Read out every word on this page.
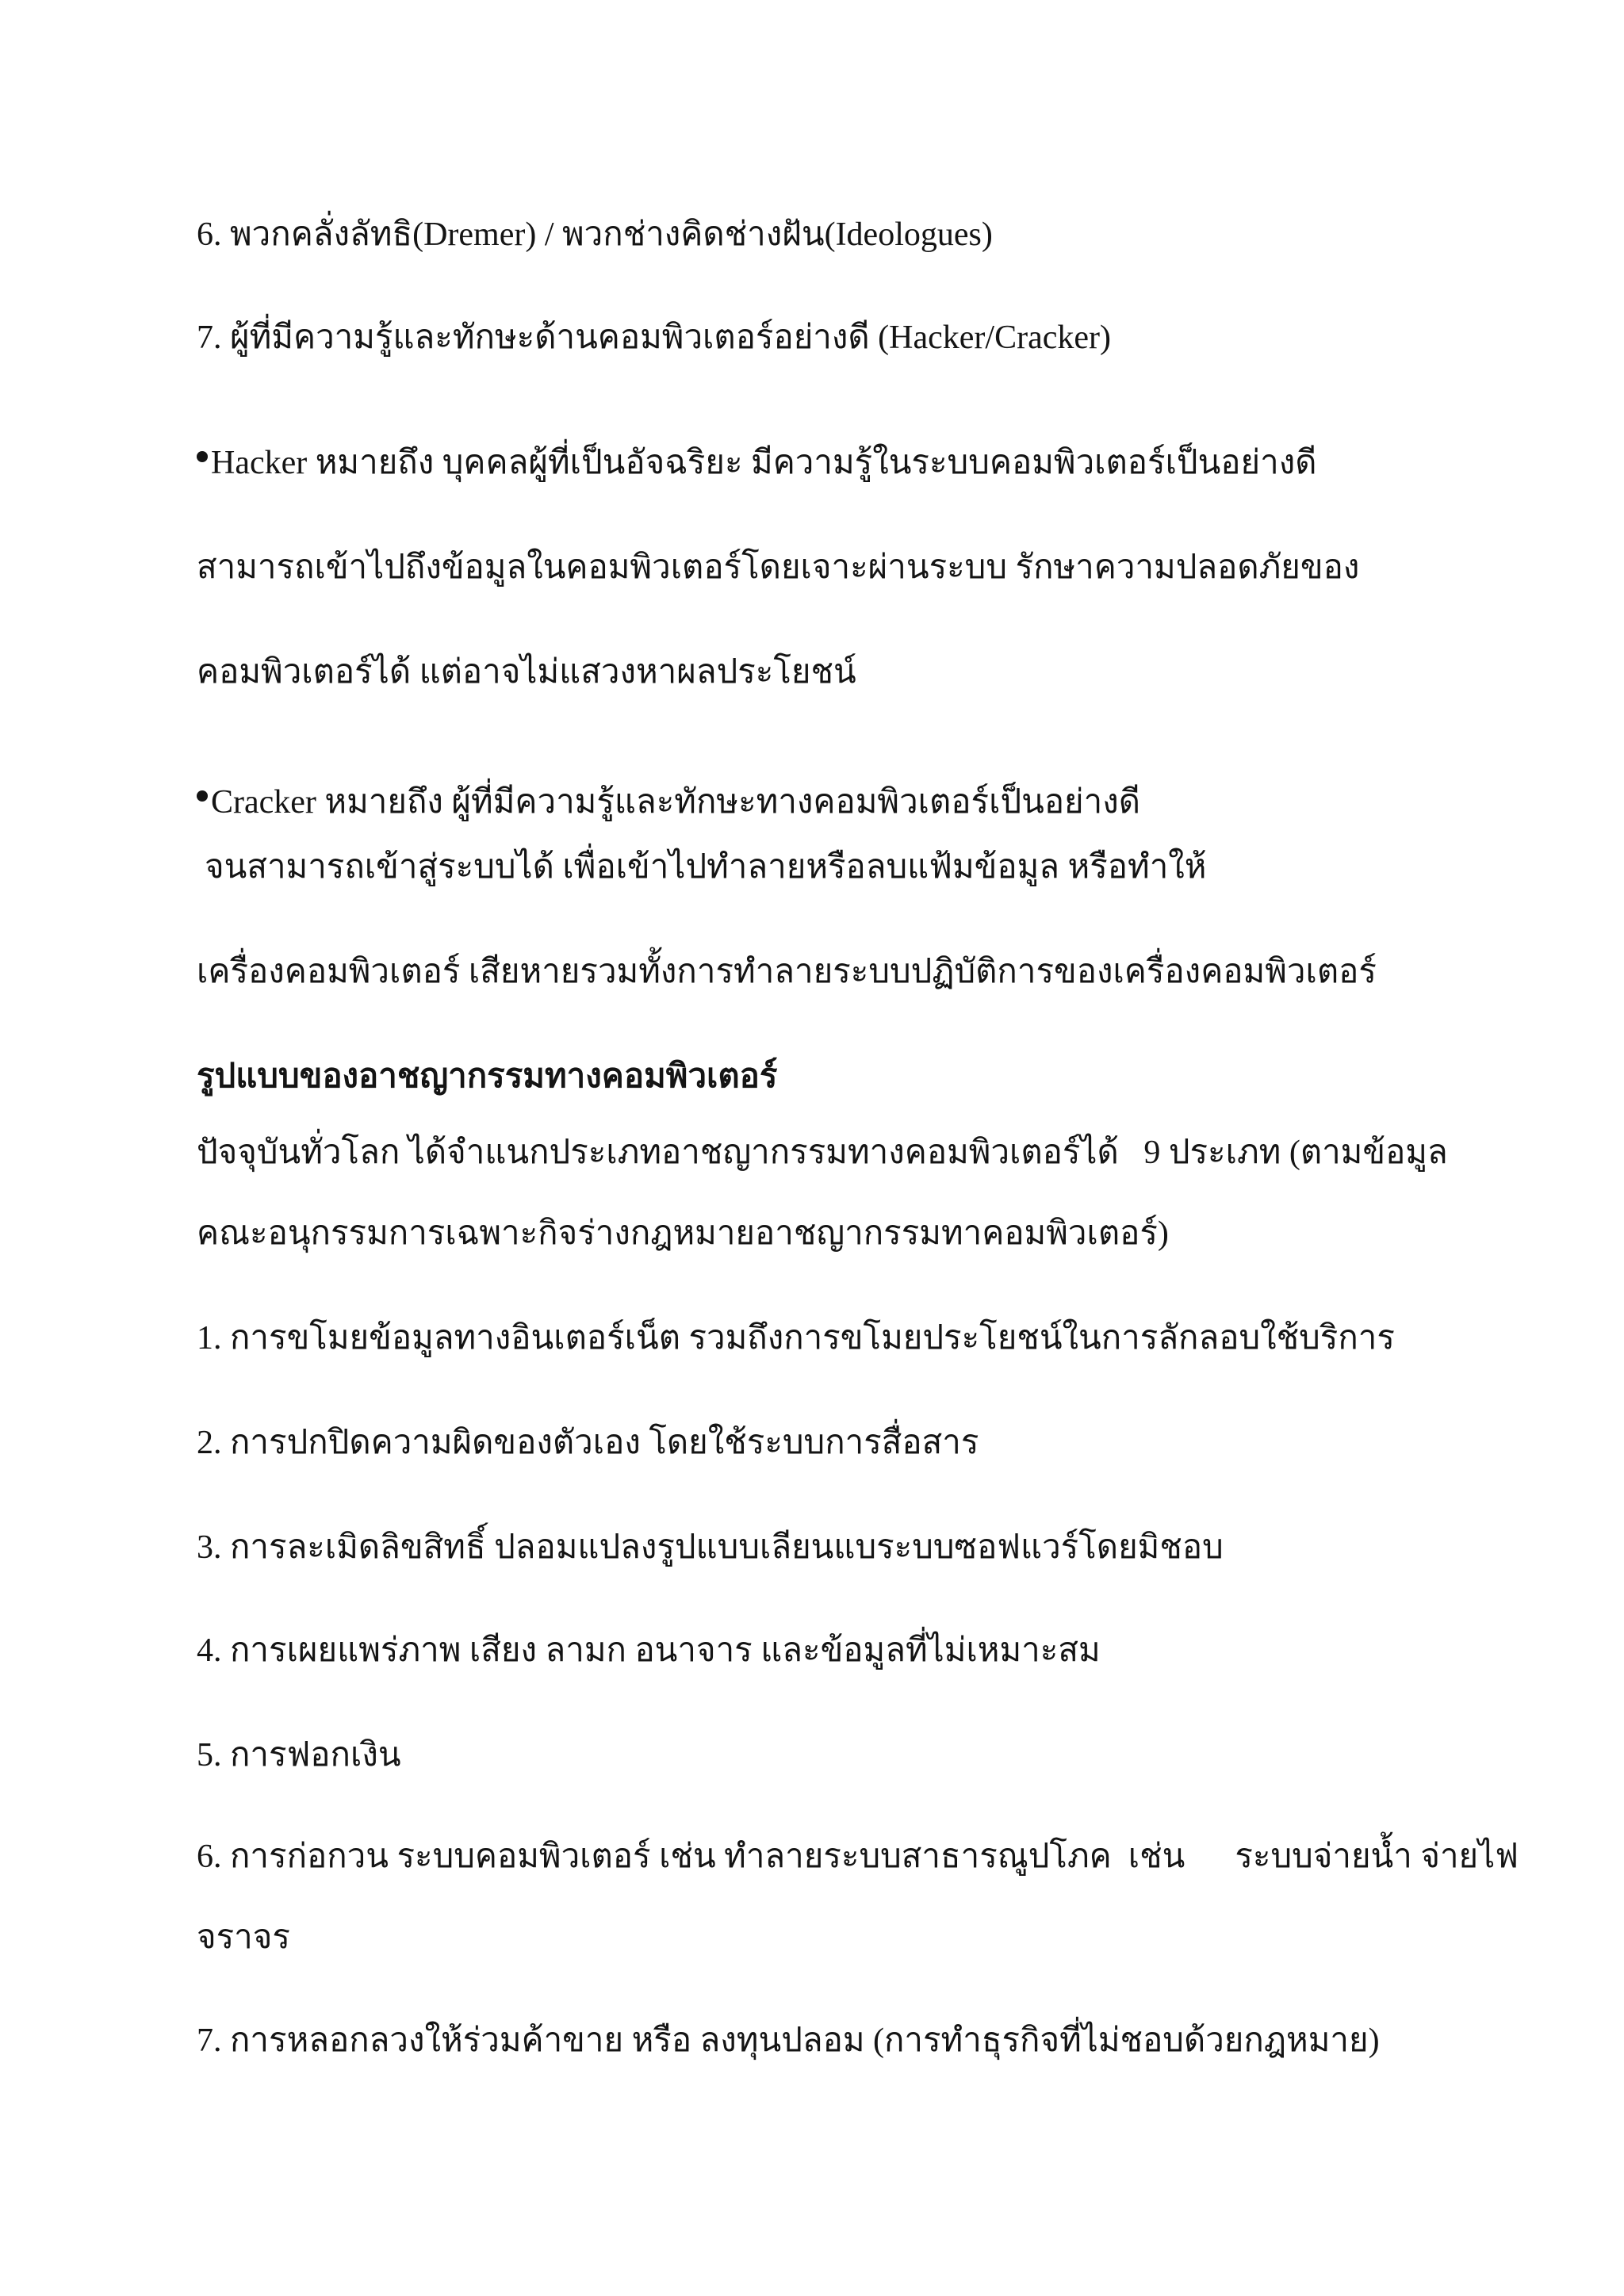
6. พวกคลั่งลัทธิ(Dremer) / พวกช่างคิดช่างฝัน(Ideologues)
7. ผู้ที่มีความรู้และทักษะด้านคอมพิวเตอร์อย่างดี (Hacker/Cracker)
Hacker หมายถึง บุคคลผู้ที่เป็นอัจฉริยะ มีความรู้ในระบบคอมพิวเตอร์เป็นอย่างดี
สามารถเข้าไปถึงข้อมูลในคอมพิวเตอร์โดยเจาะผ่านระบบ รักษาความปลอดภัยของ
คอมพิวเตอร์ได้ แต่อาจไม่แสวงหาผลประโยชน์
Cracker หมายถึง ผู้ที่มีความรู้และทักษะทางคอมพิวเตอร์เป็นอย่างดี
จนสามารถเข้าสู่ระบบได้ เพื่อเข้าไปทำลายหรือลบแฟ้มข้อมูล หรือทำให้
เครื่องคอมพิวเตอร์ เสียหายรวมทั้งการทำลายระบบปฏิบัติการของเครื่องคอมพิวเตอร์
รูปแบบของอาชญากรรมทางคอมพิวเตอร์
ปัจจุบันทั่วโลก ได้จำแนกประเภทอาชญากรรมทางคอมพิวเตอร์ได้   9 ประเภท (ตามข้อมูล
คณะอนุกรรมการเฉพาะกิจร่างกฎหมายอาชญากรรมทาคอมพิวเตอร์)
1. การขโมยข้อมูลทางอินเตอร์เน็ต รวมถึงการขโมยประโยชน์ในการลักลอบใช้บริการ
2. การปกปิดความผิดของตัวเอง โดยใช้ระบบการสื่อสาร
3. การละเมิดลิขสิทธิ์ ปลอมแปลงรูปแบบเลียนแบระบบซอฟแวร์โดยมิชอบ
4. การเผยแพร่ภาพ เสียง ลามก อนาจาร และข้อมูลที่ไม่เหมาะสม
5. การฟอกเงิน
6. การก่อกวน ระบบคอมพิวเตอร์ เช่น ทำลายระบบสาธารณูปโภค  เช่น      ระบบจ่ายน้ำ จ่ายไฟ
จราจร
7. การหลอกลวงให้ร่วมค้าขาย หรือ ลงทุนปลอม (การทำธุรกิจที่ไม่ชอบด้วยกฎหมาย)
